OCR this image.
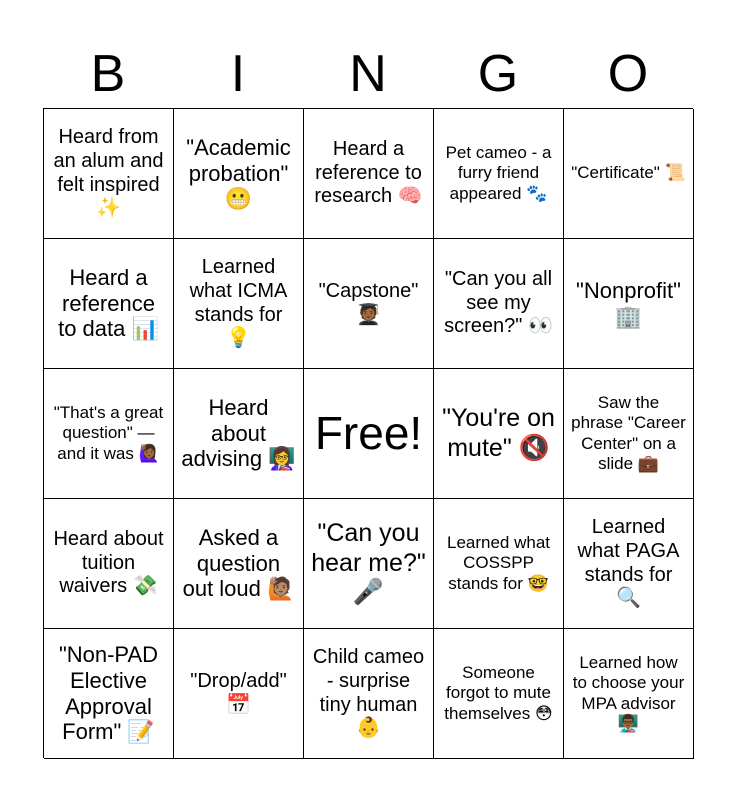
B	I	N	G	O
Heard from an alum and felt inspired ✨
"Academic probation" 😬
Heard a reference to research 🧠
Pet cameo - a furry friend appeared 🐾
"Certificate" 📜
Heard a reference to data 📊
Learned what ICMA stands for 💡
"Capstone" 🧑🏾‍🎓
"Can you all see my screen?" 👀
"Nonprofit" 🏢
"That's a great question" — and it was 🙋🏾‍♀️
Heard about advising 👩‍🏫 Free! "You're on mute" 🔇
Saw the phrase "Career Center" on a slide 💼
Heard about tuition waivers 💸
Asked a question out loud 🙋🏽
"Can you hear me?" 🎤
Learned what COSSPP stands for 🤓
Learned what PAGA stands for 🔍
"Non-PAD Elective Approval Form" 📝
"Drop/add" 📅
Child cameo - surprise tiny human 👶
Someone forgot to mute themselves 😳
Learned how to choose your MPA advisor 👨🏾‍🏫
